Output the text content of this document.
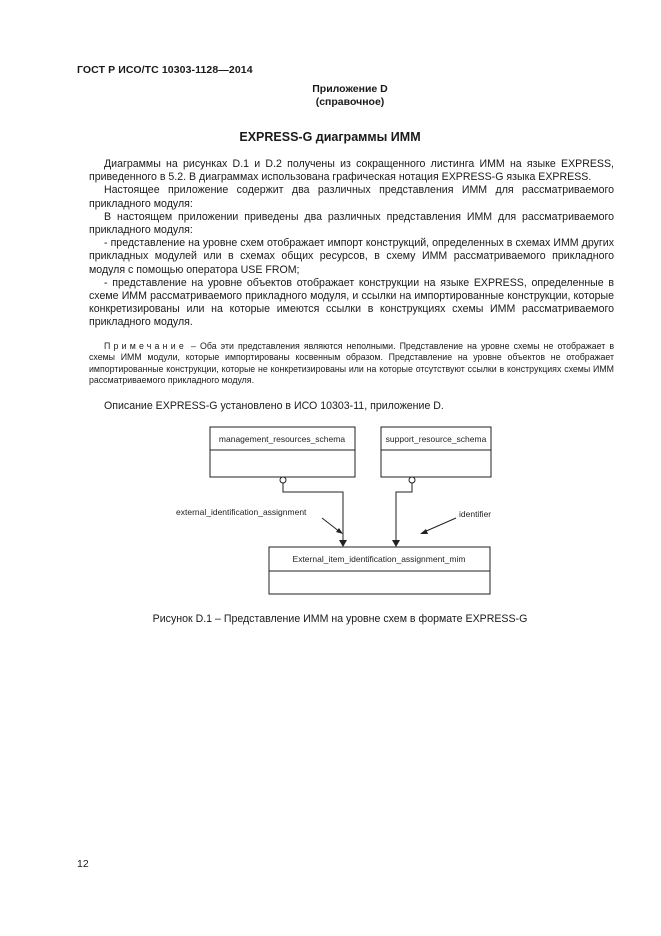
ГОСТ Р ИСО/ТС 10303-1128—2014
Приложение D
(справочное)
EXPRESS-G диаграммы ИММ

Диаграммы на рисунках D.1 и D.2 получены из сокращенного листинга ИММ на языке EXPRESS, приведенного в 5.2. В диаграммах использована графическая нотация EXPRESS-G языка EXPRESS.

Настоящее приложение содержит два различных представления ИММ для рассматриваемого прикладного модуля:

В настоящем приложении приведены два различных представления ИММ для рассматриваемого прикладного модуля:

- представление на уровне схем отображает импорт конструкций, определенных в схемах ИММ других прикладных модулей или в схемах общих ресурсов, в схему ИММ рассматриваемого прикладного модуля с помощью оператора USE FROM;

- представление на уровне объектов отображает конструкции на языке EXPRESS, определенные в схеме ИММ рассматриваемого прикладного модуля, и ссылки на импортированные конструкции, которые конкретизированы или на которые имеются ссылки в конструкциях схемы ИММ рассматриваемого прикладного модуля.

Примечание – Оба эти представления являются неполными. Представление на уровне схемы не отображает в схемы ИММ модули, которые импортированы косвенным образом. Представление на уровне объектов не отображает импортированные конструкции, которые не конкретизированы или на которые отсутствуют ссылки в конструкциях схемы ИММ рассматриваемого прикладного модуля.

Описание EXPRESS-G установлено в ИСО 10303-11, приложение D.
management_resources_schema	support_resource_schema
External_item_identification_assignment_mim
external_identification_assignment	identifier
Рисунок D.1 – Представление ИММ на уровне схем в формате EXPRESS-G
12
